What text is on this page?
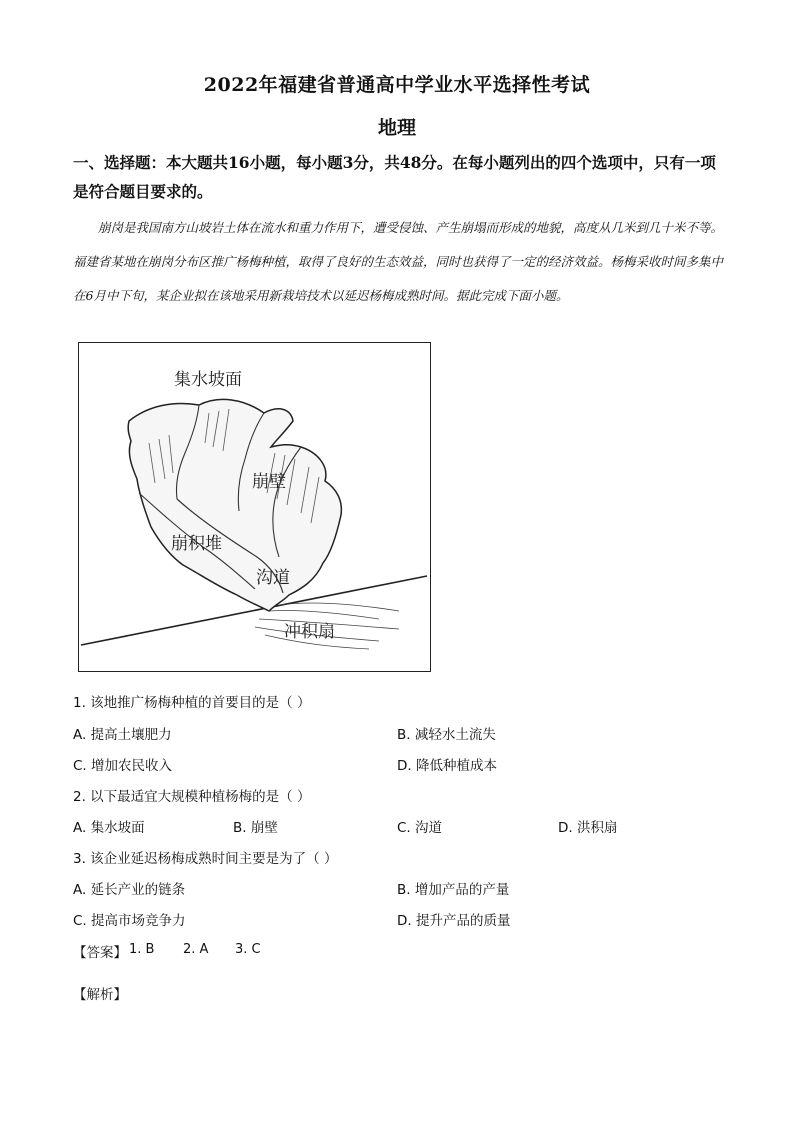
2022年福建省普通高中学业水平选择性考试
地理
一、选择题：本大题共16小题，每小题3分，共48分。在每小题列出的四个选项中，只有一项是符合题目要求的。
崩岗是我国南方山坡岩土体在流水和重力作用下，遭受侵蚀、产生崩塌而形成的地貌，高度从几米到几十米不等。福建省某地在崩岗分布区推广杨梅种植，取得了良好的生态效益，同时也获得了一定的经济效益。杨梅采收时间多集中在6月中下旬，某企业拟在该地采用新栽培技术以延迟杨梅成熟时间。据此完成下面小题。
集水坡面
崩壁
崩积堆
沟道
冲积扇
1. 该地推广杨梅种植的首要目的是（ ）
A. 提高土壤肥力	B. 减轻水土流失
C. 增加农民收入	D. 降低种植成本
2. 以下最适宜大规模种植杨梅的是（ ）
A. 集水坡面	B. 崩壁	C. 沟道	D. 洪积扇
3. 该企业延迟杨梅成熟时间主要是为了（ ）
A. 延长产业的链条	B. 增加产品的产量
C. 提高市场竞争力	D. 提升产品的质量
【答案】 1. B 2. A 3. C
【解析】
